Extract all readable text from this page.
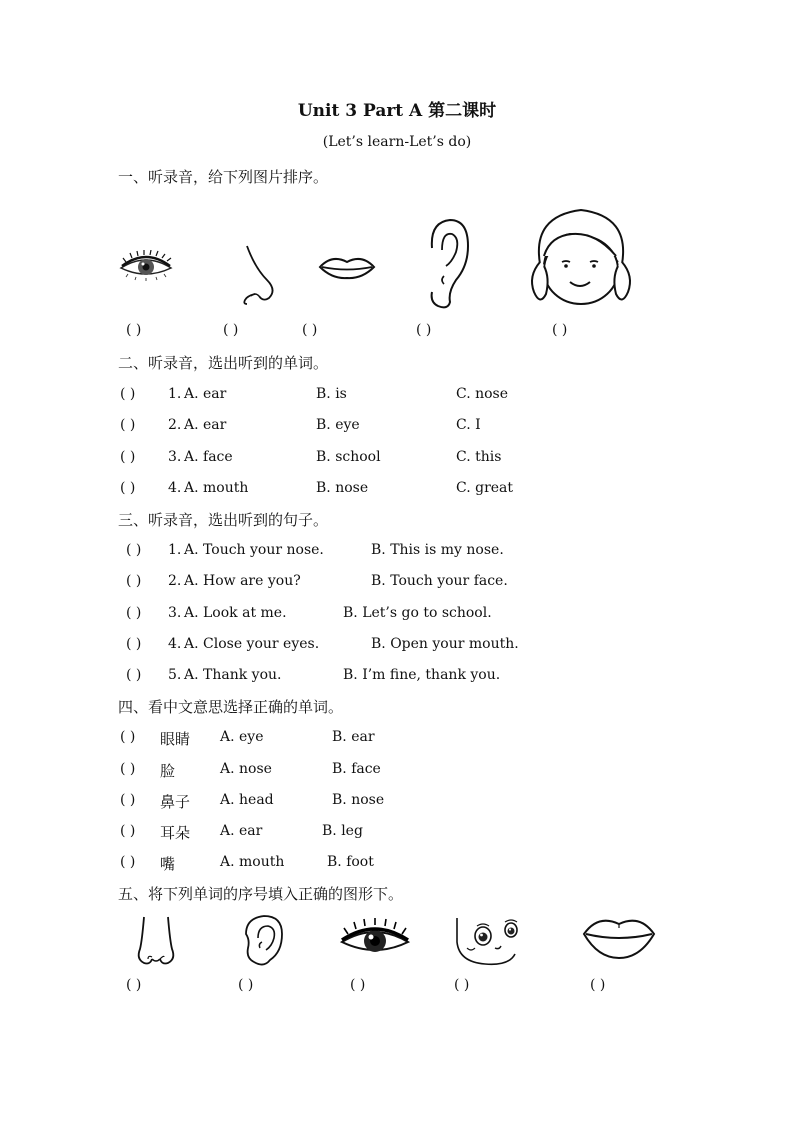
Unit 3 Part A 第二课时
(Let’s learn-Let’s do)
一、听录音，给下列图片排序。
( )	( )	( )	( )	( )
二、听录音，选出听到的单词。
( ) 1. A. ear	B. is	C. nose
( ) 2. A. ear	B. eye	C. I
( ) 3. A. face	B. school	C. this
( ) 4. A. mouth	B. nose	C. great
三、听录音，选出听到的句子。
( ) 1. A. Touch your nose.	B. This is my nose.
( ) 2. A. How are you?	B. Touch your face.
( ) 3. A. Look at me.	B. Let’s go to school.
( ) 4. A. Close your eyes.	B. Open your mouth.
( ) 5. A. Thank you.	B. I’m fine, thank you.
四、看中文意思选择正确的单词。
( ) 眼睛 A. eye	B. ear
( ) 脸	A. nose	B. face
( ) 鼻子 A. head	B. nose
( ) 耳朵 A. ear	B. leg
( ) 嘴	A. mouth	B. foot
五、将下列单词的序号填入正确的图形下。
( )	( )	( )	( )	( )
